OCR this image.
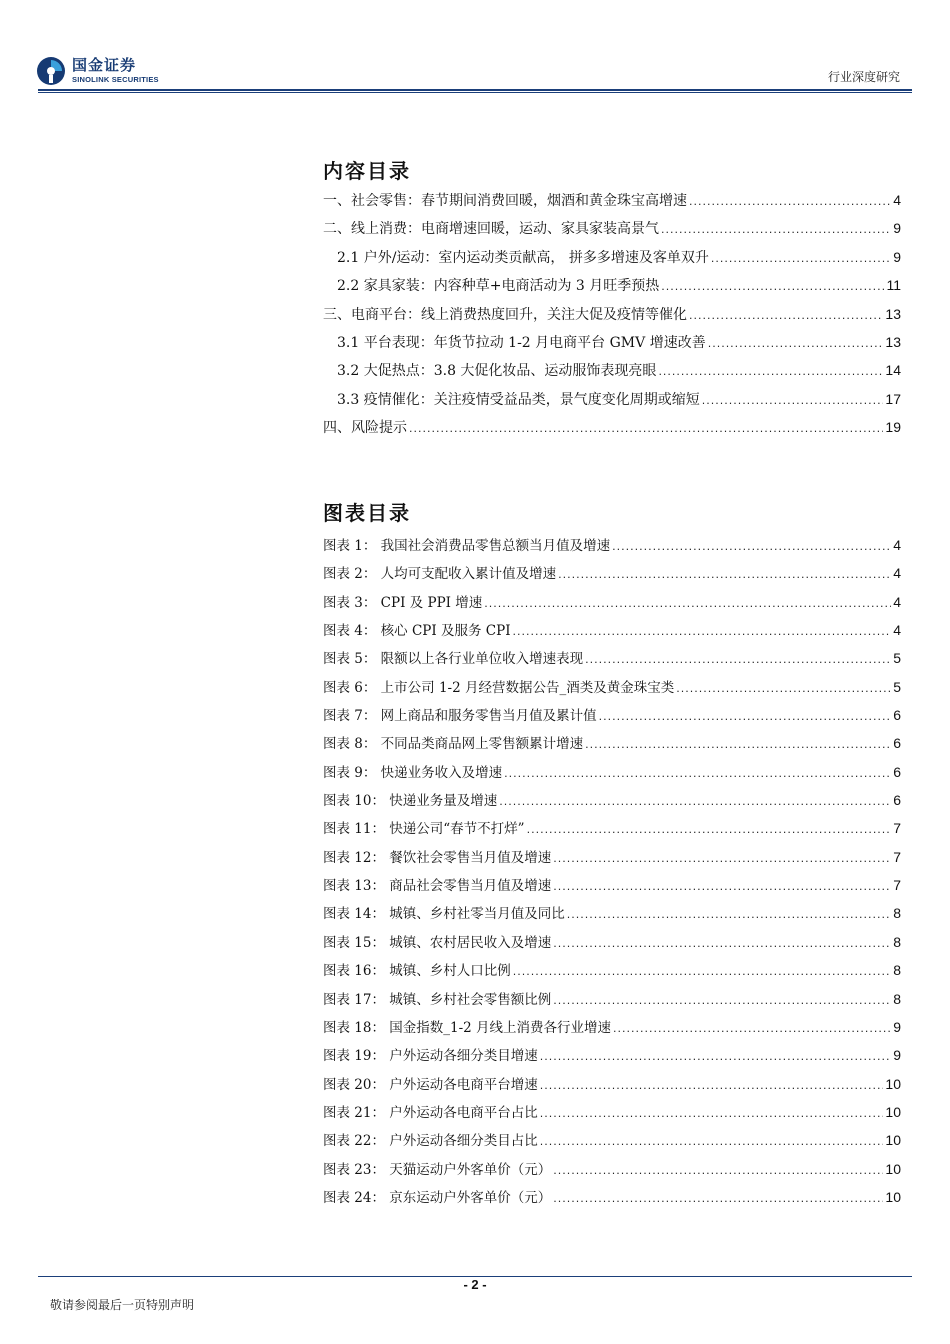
国金证券
SINOLINK SECURITIES	行业深度研究
内容目录
一、社会零售：春节期间消费回暖，烟酒和黄金珠宝高增速 .....	4
二、线上消费：电商增速回暖，运动、家具家装高景气 .....	9
2.1 户外/运动：室内运动类贡献高， 拼多多增速及客单双升 .....	9
2.2 家具家装：内容种草+电商活动为 3 月旺季预热 .....	11
三、电商平台：线上消费热度回升，关注大促及疫情等催化 .....	13
3.1 平台表现：年货节拉动 1-2 月电商平台 GMV 增速改善 .....	13
3.2 大促热点：3.8 大促化妆品、运动服饰表现亮眼 .....	14
3.3 疫情催化：关注疫情受益品类，景气度变化周期或缩短 .....	17
四、风险提示 .....	19
图表目录
图表 1： 我国社会消费品零售总额当月值及增速 .....	4
图表 2： 人均可支配收入累计值及增速 .....	4
图表 3： CPI 及 PPI 增速 .....	4
图表 4： 核心 CPI 及服务 CPI .....	4
图表 5： 限额以上各行业单位收入增速表现 .....	5
图表 6： 上市公司 1-2 月经营数据公告_酒类及黄金珠宝类 .....	5
图表 7： 网上商品和服务零售当月值及累计值 .....	6
图表 8： 不同品类商品网上零售额累计增速 .....	6
图表 9： 快递业务收入及增速 .....	6
图表 10： 快递业务量及增速 .....	6
图表 11： 快递公司“春节不打烊” .....	7
图表 12： 餐饮社会零售当月值及增速 .....	7
图表 13： 商品社会零售当月值及增速 .....	7
图表 14： 城镇、乡村社零当月值及同比 .....	8
图表 15： 城镇、农村居民收入及增速 .....	8
图表 16： 城镇、乡村人口比例 .....	8
图表 17： 城镇、乡村社会零售额比例 .....	8
图表 18： 国金指数_1-2 月线上消费各行业增速 .....	9
图表 19： 户外运动各细分类目增速 .....	9
图表 20： 户外运动各电商平台增速 .....	10
图表 21： 户外运动各电商平台占比 .....	10
图表 22： 户外运动各细分类目占比 .....	10
图表 23： 天猫运动户外客单价（元） .....	10
图表 24： 京东运动户外客单价（元） .....	10
- 2 -
敬请参阅最后一页特别声明
